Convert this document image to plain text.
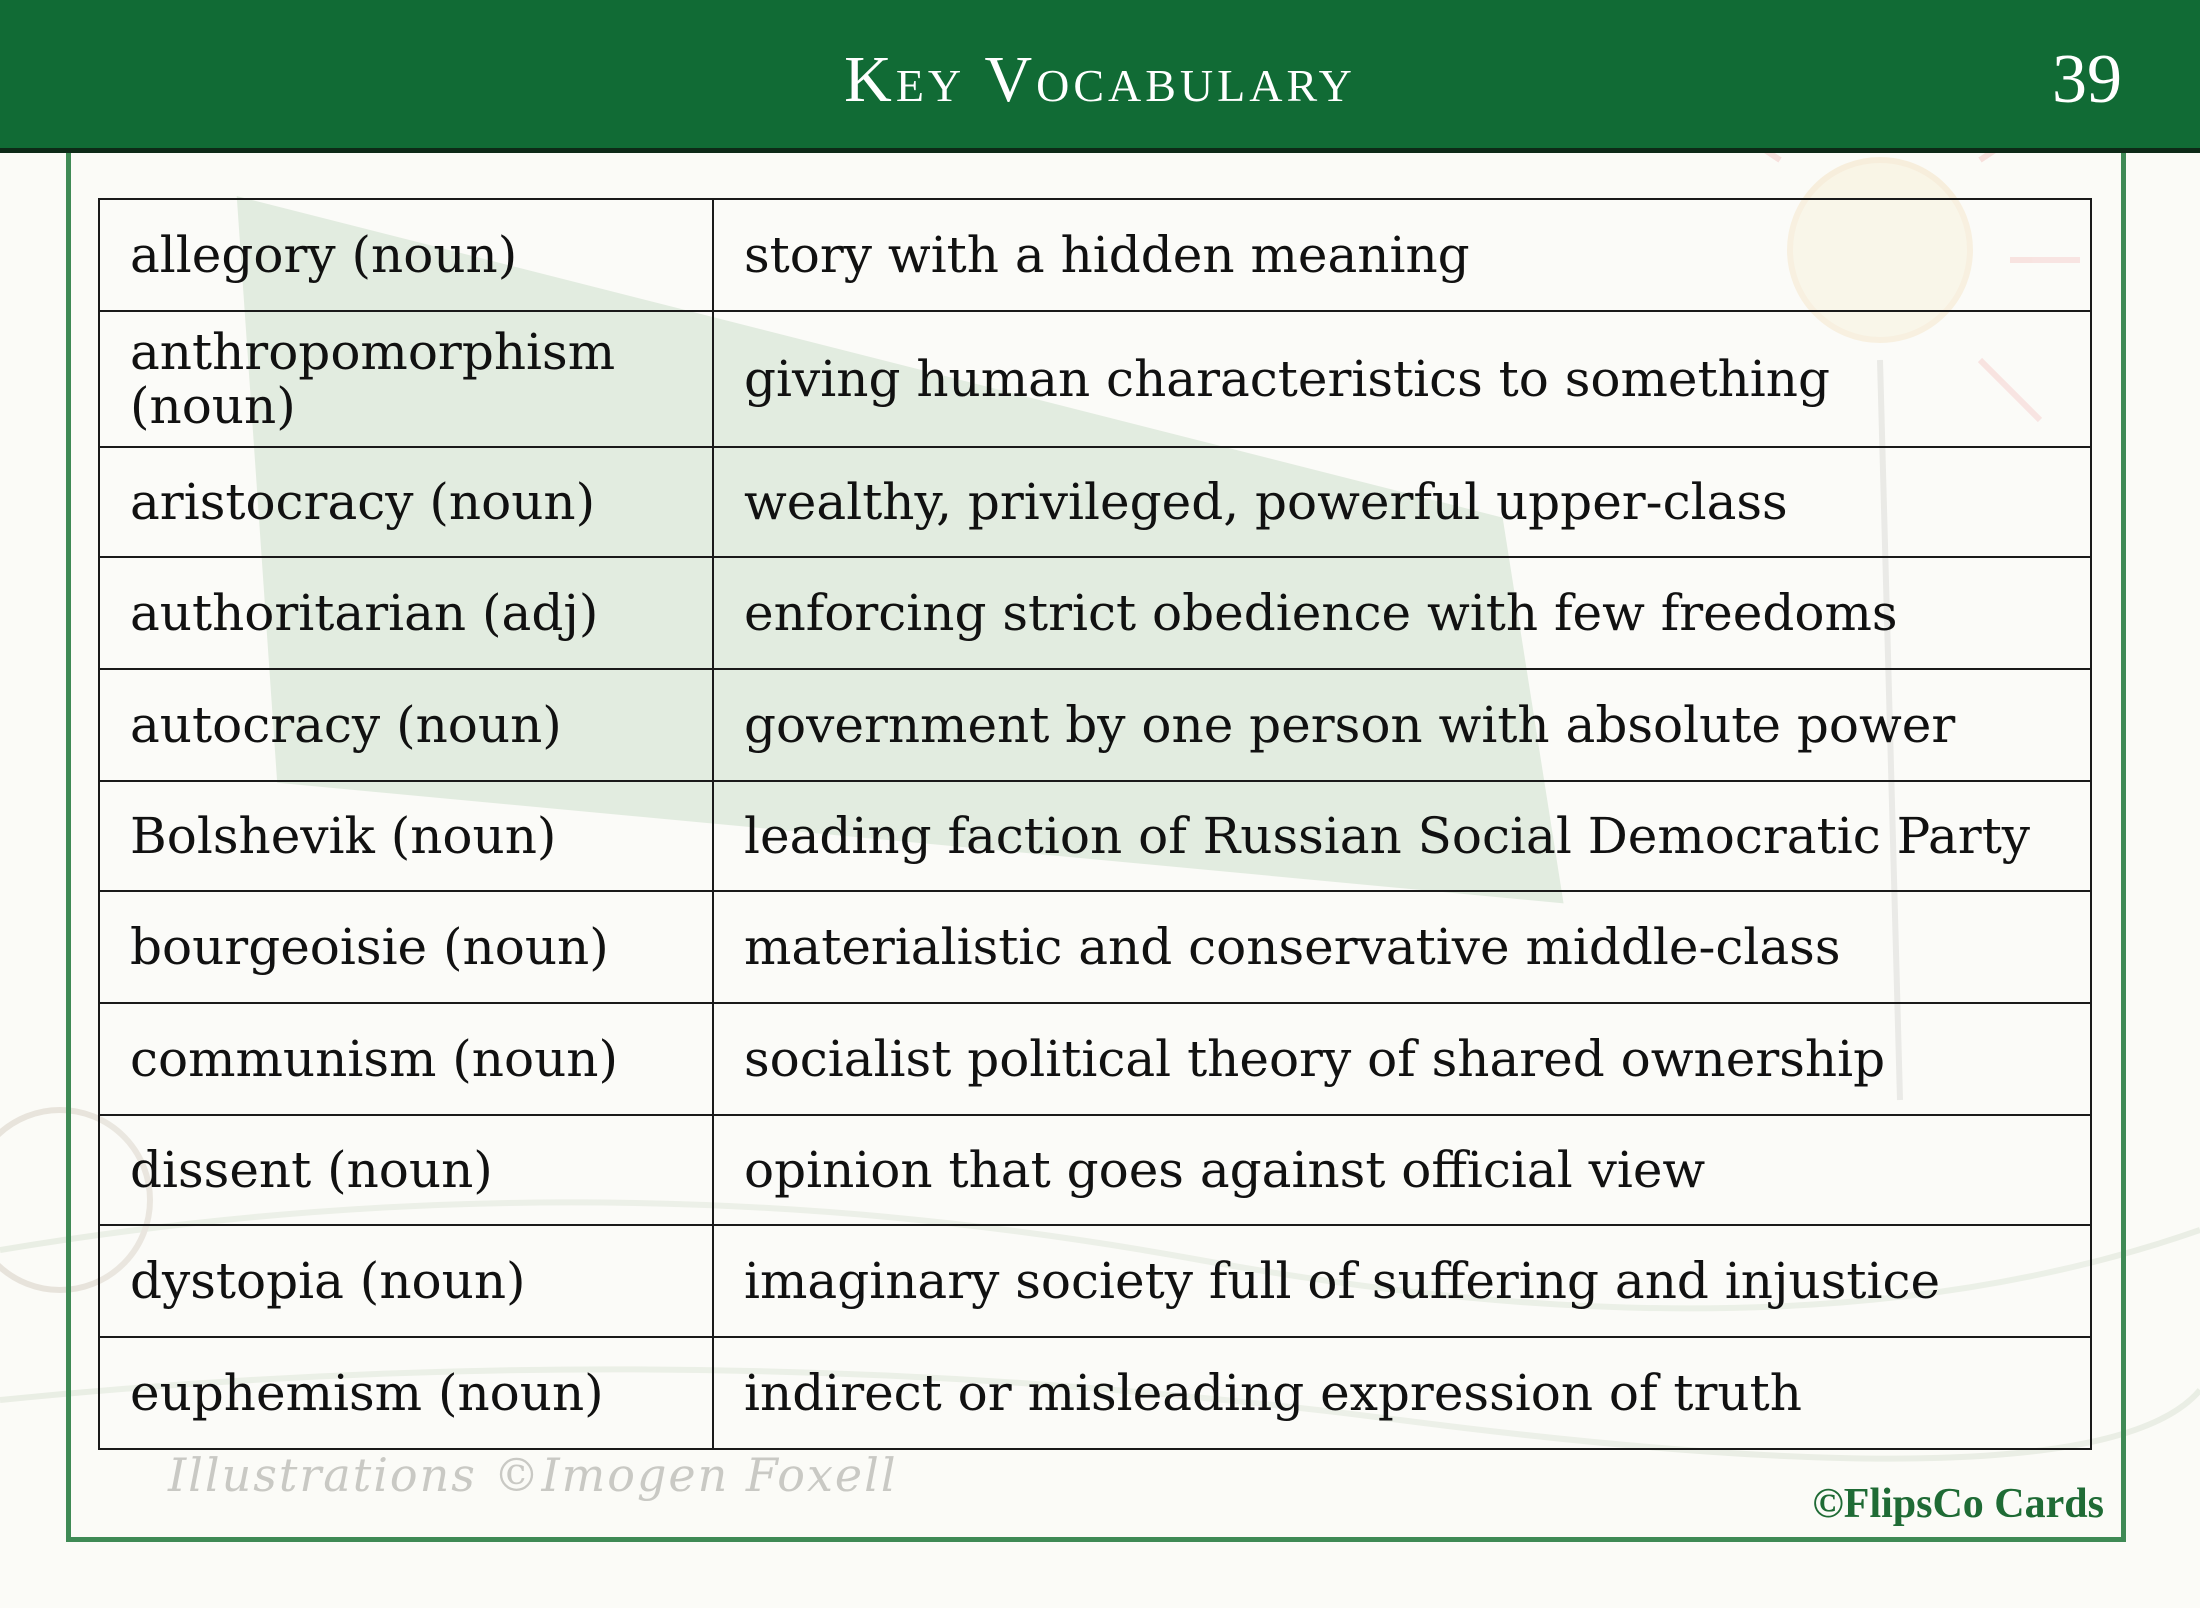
Key Vocabulary	39
allegory (noun)	story with a hidden meaning
anthropomorphism (noun)	giving human characteristics to something
aristocracy (noun)	wealthy, privileged, powerful upper-class
authoritarian (adj)	enforcing strict obedience with few freedoms
autocracy (noun)	government by one person with absolute power
Bolshevik (noun)	leading faction of Russian Social Democratic Party
bourgeoisie (noun)	materialistic and conservative middle-class
communism (noun)	socialist political theory of shared ownership
dissent (noun)	opinion that goes against official view
dystopia (noun)	imaginary society full of suffering and injustice
euphemism (noun)	indirect or misleading expression of truth
Illustrations ©Imogen Foxell
©FlipsCo Cards
